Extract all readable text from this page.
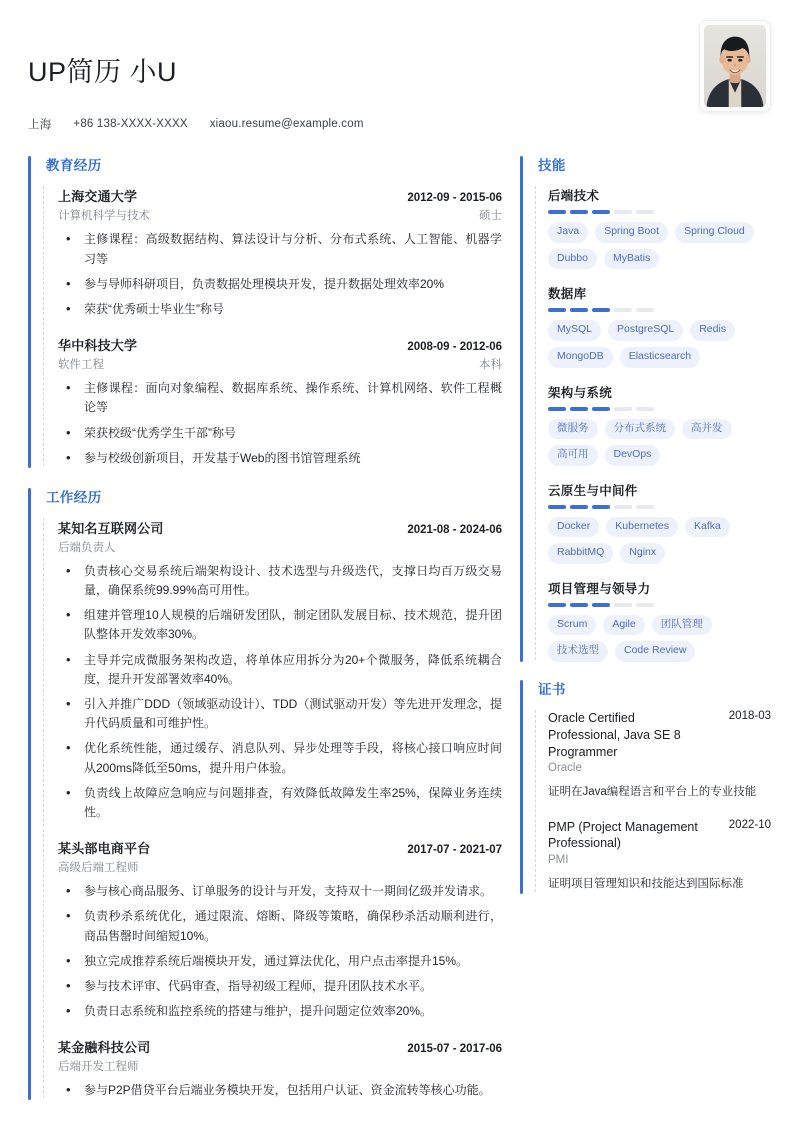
UP简历 小U
上海 +86 138-XXXX-XXXX xiaou.resume@example.com
教育经历
上海交通大学	2012-09 - 2015-06
计算机科学与技术	硕士
• 主修课程：高级数据结构、算法设计与分析、分布式系统、人工智能、机器学习等
• 参与导师科研项目，负责数据处理模块开发，提升数据处理效率20%
• 荣获“优秀硕士毕业生”称号
华中科技大学	2008-09 - 2012-06
软件工程	本科
• 主修课程：面向对象编程、数据库系统、操作系统、计算机网络、软件工程概论等
• 荣获校级“优秀学生干部”称号
• 参与校级创新项目，开发基于Web的图书馆管理系统
工作经历
某知名互联网公司	2021-08 - 2024-06
后端负责人
• 负责核心交易系统后端架构设计、技术选型与升级迭代，支撑日均百万级交易量，确保系统99.99%高可用性。
• 组建并管理10人规模的后端研发团队，制定团队发展目标、技术规范，提升团队整体开发效率30%。
• 主导并完成微服务架构改造，将单体应用拆分为20+个微服务，降低系统耦合度，提升开发部署效率40%。
• 引入并推广DDD（领域驱动设计）、TDD（测试驱动开发）等先进开发理念，提升代码质量和可维护性。
• 优化系统性能，通过缓存、消息队列、异步处理等手段，将核心接口响应时间从200ms降低至50ms，提升用户体验。
• 负责线上故障应急响应与问题排查，有效降低故障发生率25%，保障业务连续性。
某头部电商平台	2017-07 - 2021-07
高级后端工程师
• 参与核心商品服务、订单服务的设计与开发，支持双十一期间亿级并发请求。
• 负责秒杀系统优化，通过限流、熔断、降级等策略，确保秒杀活动顺利进行，商品售罄时间缩短10%。
• 独立完成推荐系统后端模块开发，通过算法优化，用户点击率提升15%。
• 参与技术评审、代码审查，指导初级工程师，提升团队技术水平。
• 负责日志系统和监控系统的搭建与维护，提升问题定位效率20%。
某金融科技公司	2015-07 - 2017-06
后端开发工程师
• 参与P2P借贷平台后端业务模块开发，包括用户认证、资金流转等核心功能。
技能
后端技术
Java	Spring Boot	Spring Cloud
Dubbo	MyBatis
数据库
MySQL	PostgreSQL	Redis
MongoDB	Elasticsearch
架构与系统
微服务	分布式系统	高并发
高可用	DevOps
云原生与中间件
Docker	Kubernetes	Kafka
RabbitMQ	Nginx
项目管理与领导力
Scrum	Agile	团队管理
技术选型	Code Review
证书
Oracle Certified Professional, Java SE 8 Programmer
2018-03
Oracle
证明在Java编程语言和平台上的专业技能
PMP (Project Management Professional)
2022-10
PMI
证明项目管理知识和技能达到国际标准
